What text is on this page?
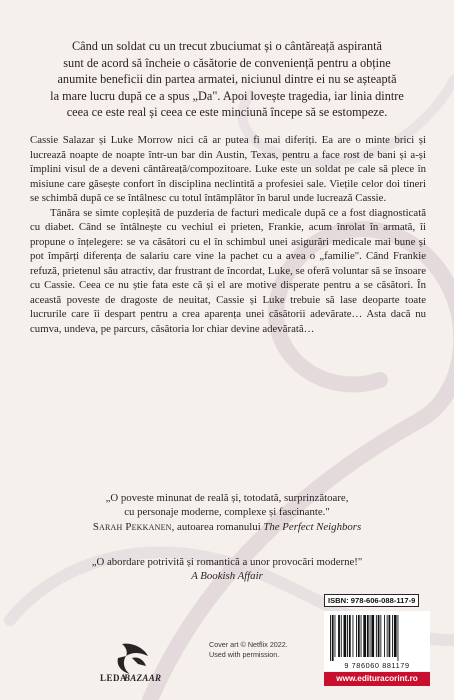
Când un soldat cu un trecut zbuciumat și o cântăreață aspirantă
sunt de acord să încheie o căsătorie de conveniență pentru a obține
anumite beneficii din partea armatei, niciunul dintre ei nu se așteaptă
la mare lucru după ce a spus „Da". Apoi lovește tragedia, iar linia dintre
ceea ce este real și ceea ce este minciună începe să se estompeze.

Cassie Salazar și Luke Morrow nici că ar putea fi mai diferiți. Ea are o minte brici și lucrează noapte de noapte într-un bar din Austin, Texas, pentru a face rost de bani și a-și împlini visul de a deveni cântăreață/compozitoare. Luke este un soldat pe cale să plece în misiune care găsește confort în disciplina neclintită a profesiei sale. Viețile celor doi tineri se schimbă după ce se întâlnesc cu totul întâmplător în barul unde lucrează Cassie.

Tânăra se simte copleșită de puzderia de facturi medicale după ce a fost diagnosticată cu diabet. Când se întâlnește cu vechiul ei prieten, Frankie, acum înrolat în armată, îi propune o înțelegere: se va căsători cu el în schimbul unei asigurări medicale mai bune și pot împărți diferența de salariu care vine la pachet cu a avea o „familie". Când Frankie refuză, prietenul său atractiv, dar frustrant de încordat, Luke, se oferă voluntar să se însoare cu Cassie. Ceea ce nu știe fata este că și el are motive disperate pentru a se căsători. În această poveste de dragoste de neuitat, Cassie și Luke trebuie să lase deoparte toate lucrurile care îi despart pentru a crea aparența unei căsătorii adevărate… Asta dacă nu cumva, undeva, pe parcurs, căsătoria lor chiar devine adevărată…

„O poveste minunat de reală și, totodată, surprinzătoare,
cu personaje moderne, complexe și fascinante."
Sarah Pekkanen, autoarea romanului The Perfect Neighbors
„O abordare potrivită și romantică a unor provocări moderne!"
A Bookish Affair
LEDA
BAZAAR
Cover art © Netflix 2022.
Used with permission.
ISBN: 978-606-088-117-9
9 786060 881179
www.edituracorint.ro
